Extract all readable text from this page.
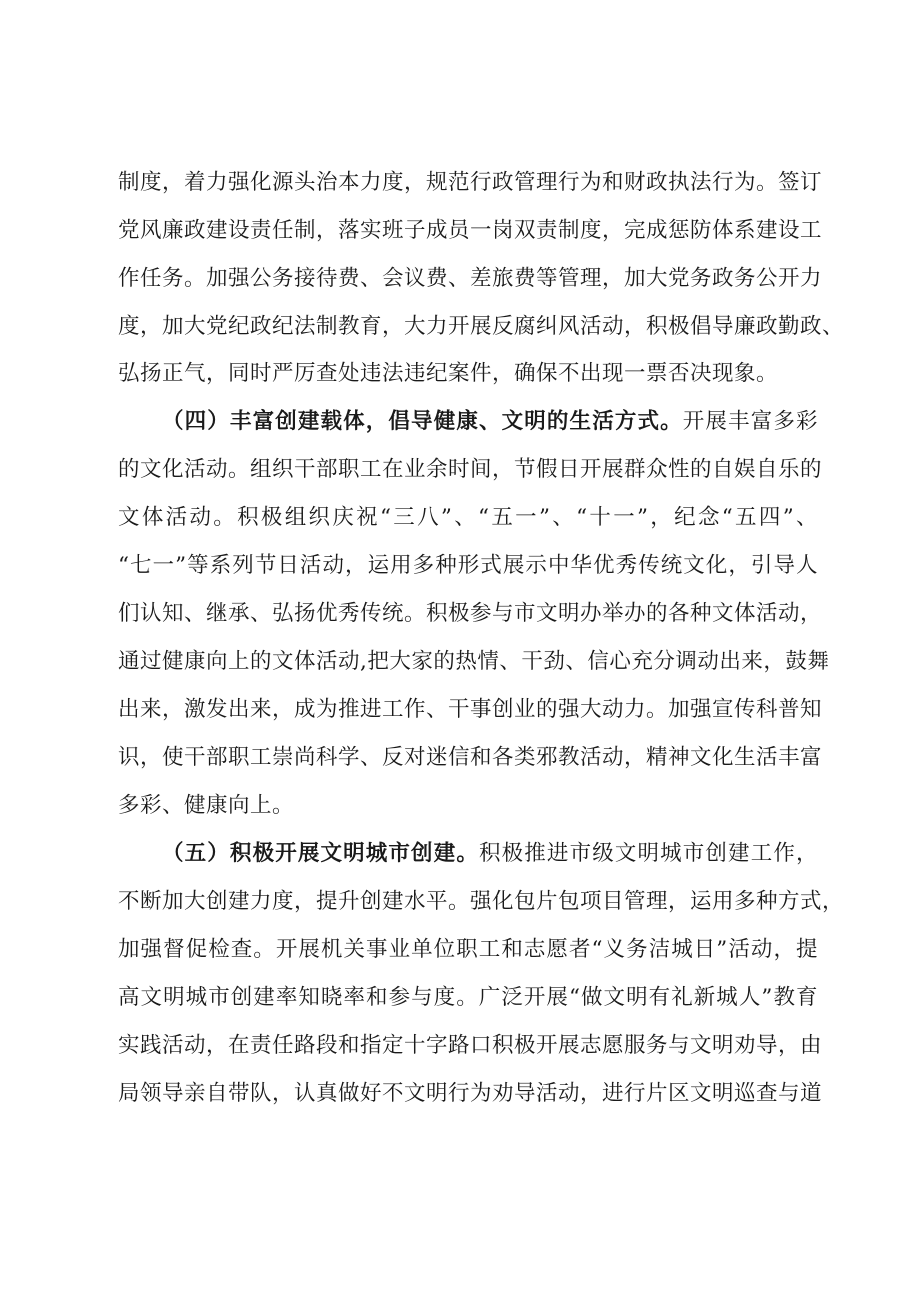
制度，着力强化源头治本力度，规范行政管理行为和财政执法行为。签订
党风廉政建设责任制，落实班子成员一岗双责制度，完成惩防体系建设工
作任务。加强公务接待费、会议费、差旅费等管理，加大党务政务公开力
度，加大党纪政纪法制教育，大力开展反腐纠风活动，积极倡导廉政勤政、
弘扬正气，同时严厉查处违法违纪案件，确保不出现一票否决现象。
（四）丰富创建载体，倡导健康、文明的生活方式。开展丰富多彩
的文化活动。组织干部职工在业余时间，节假日开展群众性的自娱自乐的
文体活动。积极组织庆祝“三八”、“五一”、“十一”，纪念“五四”、
“七一”等系列节日活动，运用多种形式展示中华优秀传统文化，引导人
们认知、继承、弘扬优秀传统。积极参与市文明办举办的各种文体活动，
通过健康向上的文体活动,把大家的热情、干劲、信心充分调动出来，鼓舞
出来，激发出来，成为推进工作、干事创业的强大动力。加强宣传科普知
识，使干部职工崇尚科学、反对迷信和各类邪教活动，精神文化生活丰富
多彩、健康向上。
（五）积极开展文明城市创建。积极推进市级文明城市创建工作，
不断加大创建力度，提升创建水平。强化包片包项目管理，运用多种方式，
加强督促检查。开展机关事业单位职工和志愿者“义务洁城日”活动，提
高文明城市创建率知晓率和参与度。广泛开展“做文明有礼新城人”教育
实践活动，在责任路段和指定十字路口积极开展志愿服务与文明劝导，由
局领导亲自带队，认真做好不文明行为劝导活动，进行片区文明巡查与道
